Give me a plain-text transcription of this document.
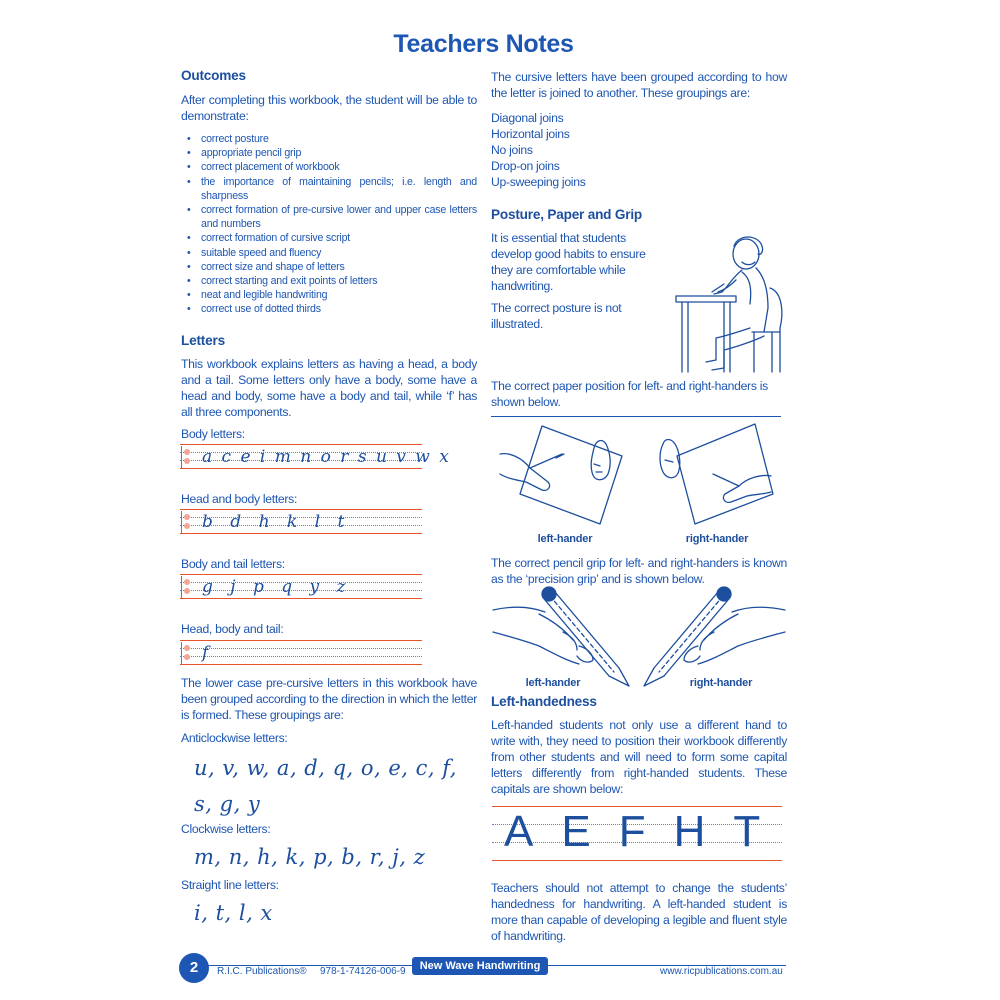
Teachers Notes
Outcomes

After completing this workbook, the student will be able to demonstrate:

• correct posture
• appropriate pencil grip
• correct placement of workbook
• the importance of maintaining pencils; i.e. length and sharpness
• correct formation of pre-cursive lower and upper case letters and numbers
• correct formation of cursive script
• suitable speed and fluency
• correct size and shape of letters
• correct starting and exit points of letters
• neat and legible handwriting
• correct use of dotted thirds
Letters

This workbook explains letters as having a head, a body and a tail. Some letters only have a body, some have a head and body, some have a body and tail, while ‘f’ has all three components.

Body letters:

a c e i m n o r s u v w x

Head and body letters:

b d h k l t

Body and tail letters:

g j p q y z

Head, body and tail:

f

The lower case pre-cursive letters in this workbook have been grouped according to the direction in which the letter is formed. These groupings are:

Anticlockwise letters:

u, v, w, a, d, q, o, e, c, f,
s, g, y

Clockwise letters:

m, n, h, k, p, b, r, j, z

Straight line letters:

i, t, l, x

The cursive letters have been grouped according to how the letter is joined to another. These groupings are:

Diagonal joins

Horizontal joins

No joins

Drop-on joins

Up-sweeping joins

Posture, Paper and Grip

It is essential that students develop good habits to ensure they are comfortable while handwriting.

The correct posture is not illustrated.

The correct paper position for left- and right-handers is shown below.

left-hander	right-hander

The correct pencil grip for left- and right-handers is known as the ‘precision grip’ and is shown below.

left-hander	right-hander
Left-handedness

Left-handed students not only use a different hand to write with, they need to position their workbook differently from other students and will need to form some capital letters differently from right-handed students. These capitals are shown below:

AEFHT

Teachers should not attempt to change the students’ handedness for handwriting. A left-handed student is more than capable of developing a legible and fluent style of handwriting.

2	R.I.C. Publications® 978-1-74126-006-9	New Wave Handwriting	www.ricpublications.com.au
